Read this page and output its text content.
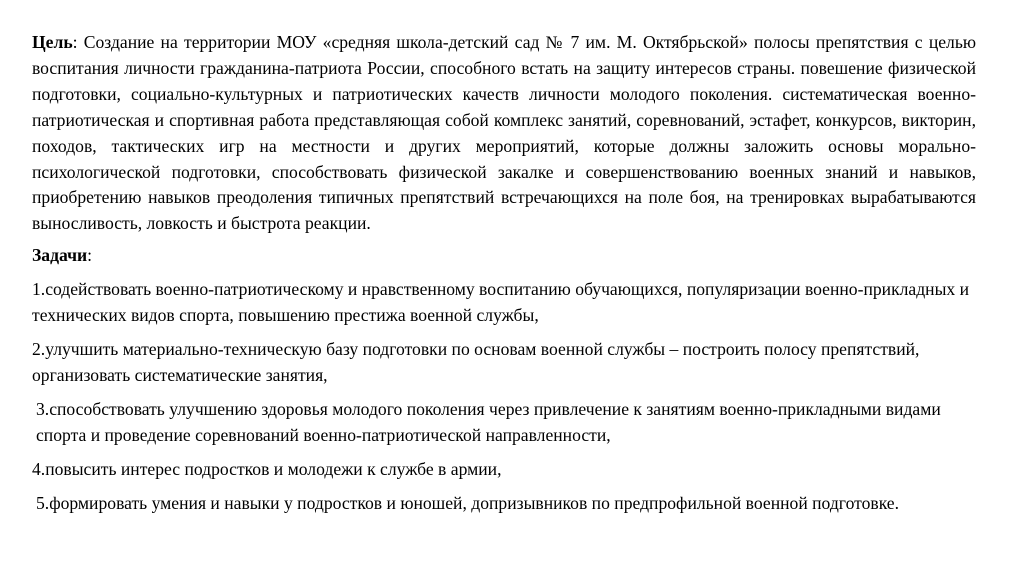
Цель: Создание на территории МОУ «средняя школа-детский сад № 7 им. М. Октябрьской» полосы препятствия с целью воспитания личности гражданина-патриота России, способного встать на защиту интересов страны. повешение физической подготовки, социально-культурных и патриотических качеств личности молодого поколения. систематическая военно-патриотическая и спортивная работа представляющая собой комплекс занятий, соревнований, эстафет, конкурсов, викторин, походов, тактических игр на местности и других мероприятий, которые должны заложить основы морально-психологической подготовки, способствовать физической закалке и совершенствованию военных знаний и навыков, приобретению навыков преодоления типичных препятствий встречающихся на поле боя, на тренировках вырабатываются выносливость, ловкость и быстрота реакции.

Задачи:

1.содействовать военно-патриотическому и нравственному воспитанию обучающихся, популяризации военно-прикладных и технических видов спорта, повышению престижа военной службы,

2.улучшить материально-техническую базу подготовки по основам военной службы – построить полосу препятствий, организовать систематические занятия,

3.способствовать улучшению здоровья молодого поколения через привлечение к занятиям военно-прикладными видами спорта и проведение соревнований военно-патриотической направленности,

4.повысить интерес подростков и молодежи к службе в армии,

5.формировать умения и навыки у подростков и юношей, допризывников по предпрофильной военной подготовке.
